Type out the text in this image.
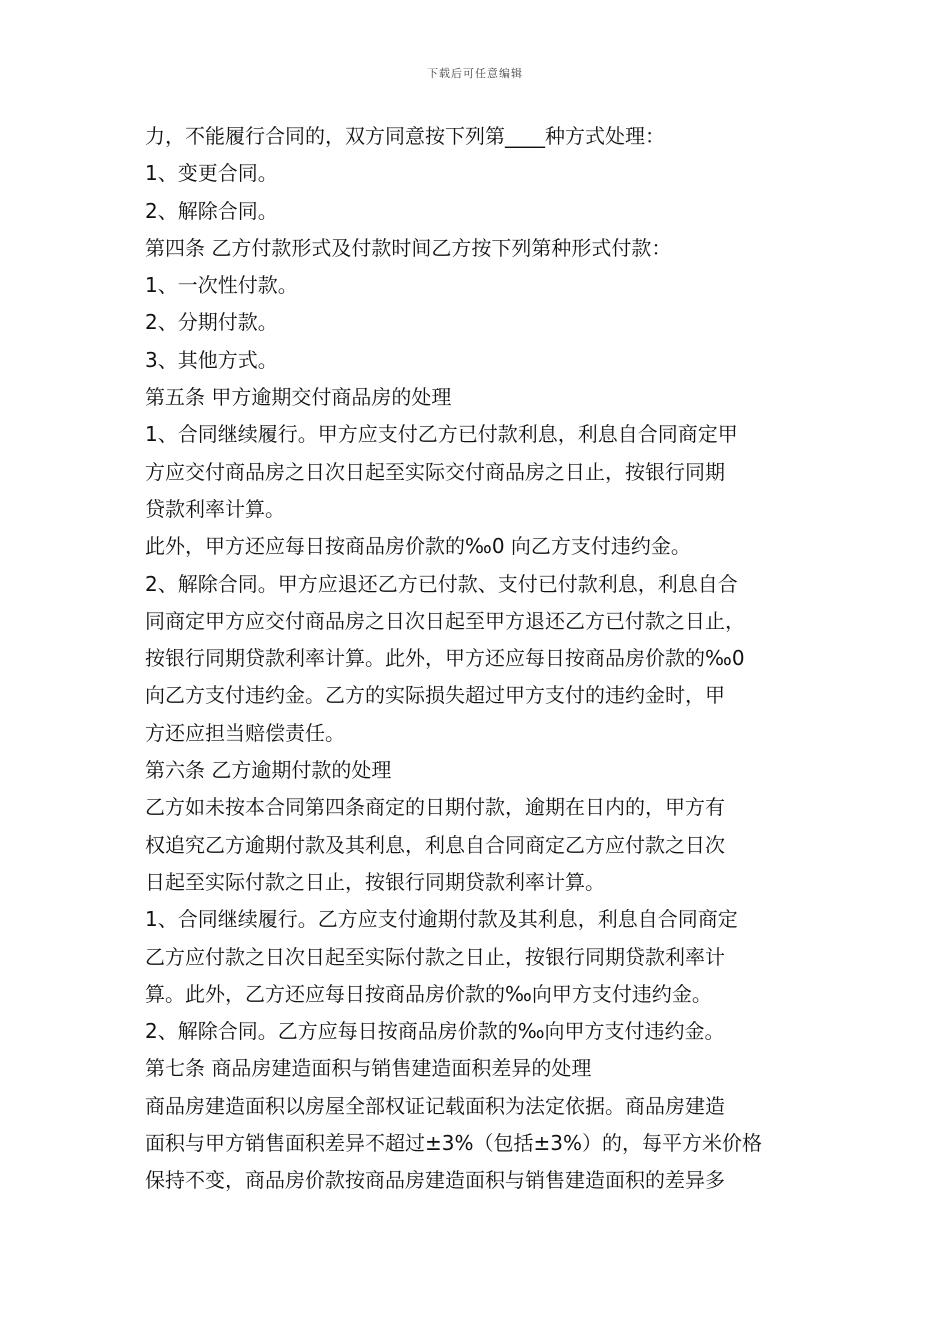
下载后可任意编辑

力，不能履行合同的，双方同意按下列第____种方式处理：

1、变更合同。

2、解除合同。

第四条 乙方付款形式及付款时间乙方按下列第种形式付款：

1、一次性付款。

2、分期付款。

3、其他方式。

第五条 甲方逾期交付商品房的处理

1、合同继续履行。甲方应支付乙方已付款利息，利息自合同商定甲

方应交付商品房之日次日起至实际交付商品房之日止，按银行同期

贷款利率计算。

此外，甲方还应每日按商品房价款的‰0 向乙方支付违约金。

2、解除合同。甲方应退还乙方已付款、支付已付款利息，利息自合

同商定甲方应交付商品房之日次日起至甲方退还乙方已付款之日止，

按银行同期贷款利率计算。此外，甲方还应每日按商品房价款的‰0

向乙方支付违约金。乙方的实际损失超过甲方支付的违约金时，甲

方还应担当赔偿责任。

第六条 乙方逾期付款的处理

乙方如未按本合同第四条商定的日期付款，逾期在日内的，甲方有

权追究乙方逾期付款及其利息，利息自合同商定乙方应付款之日次

日起至实际付款之日止，按银行同期贷款利率计算。

1、合同继续履行。乙方应支付逾期付款及其利息，利息自合同商定

乙方应付款之日次日起至实际付款之日止，按银行同期贷款利率计

算。此外，乙方还应每日按商品房价款的‰向甲方支付违约金。

2、解除合同。乙方应每日按商品房价款的‰向甲方支付违约金。

第七条 商品房建造面积与销售建造面积差异的处理

商品房建造面积以房屋全部权证记载面积为法定依据。商品房建造

面积与甲方销售面积差异不超过±3%（包括±3%）的，每平方米价格

保持不变，商品房价款按商品房建造面积与销售建造面积的差异多
